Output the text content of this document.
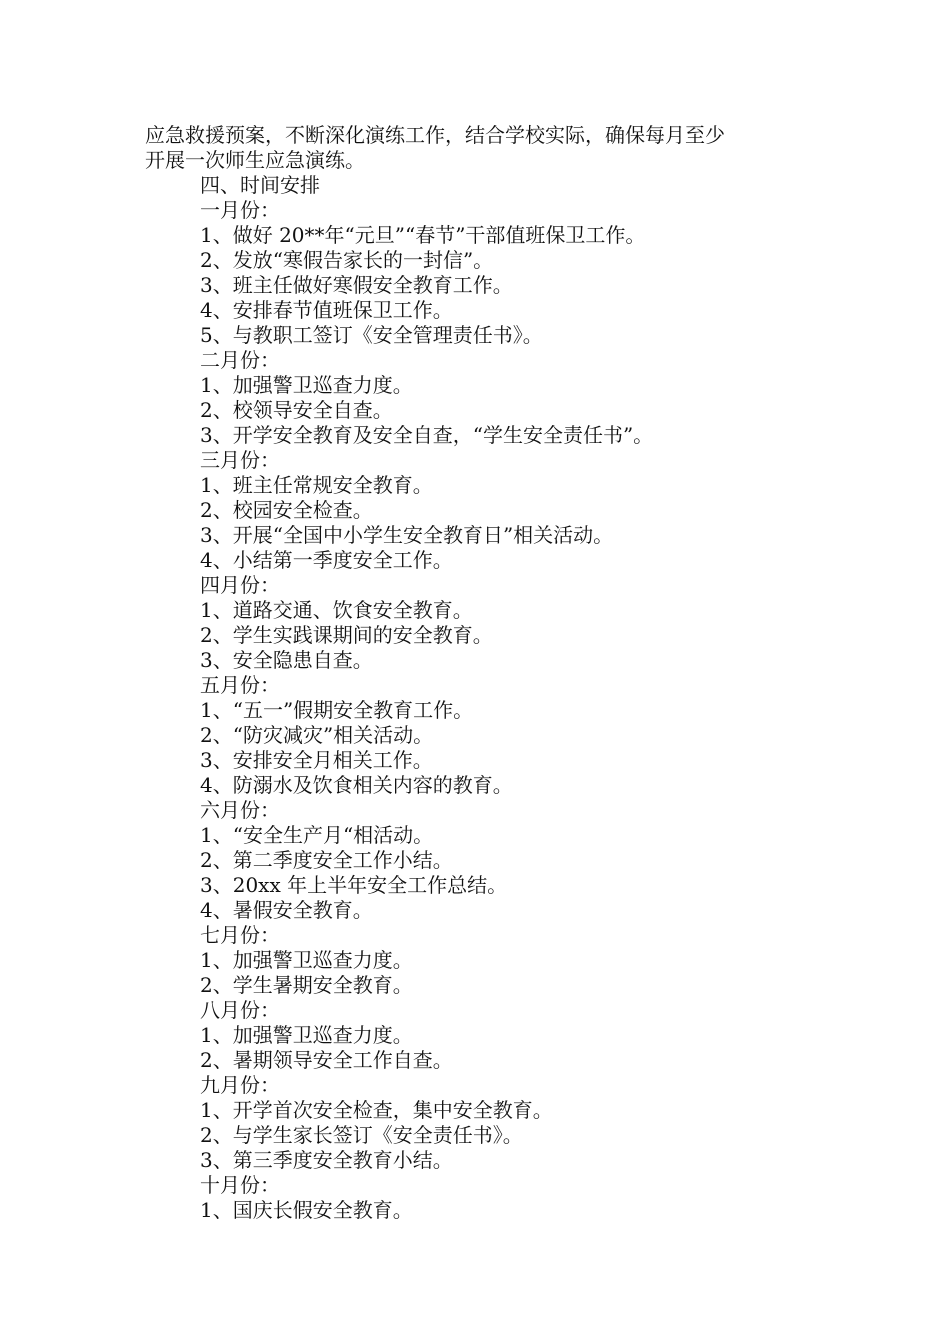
应急救援预案，不断深化演练工作，结合学校实际，确保每月至少

开展一次师生应急演练。

四、时间安排

一月份：

1、做好 20**年“元旦”“春节”干部值班保卫工作。

2、发放“寒假告家长的一封信”。

3、班主任做好寒假安全教育工作。

4、安排春节值班保卫工作。

5、与教职工签订《安全管理责任书》。

二月份：

1、加强警卫巡查力度。

2、校领导安全自查。

3、开学安全教育及安全自查，“学生安全责任书”。

三月份：

1、班主任常规安全教育。

2、校园安全检查。

3、开展“全国中小学生安全教育日”相关活动。

4、小结第一季度安全工作。

四月份：

1、道路交通、饮食安全教育。

2、学生实践课期间的安全教育。

3、安全隐患自查。

五月份：

1、“五一”假期安全教育工作。

2、“防灾减灾”相关活动。

3、安排安全月相关工作。

4、防溺水及饮食相关内容的教育。

六月份：

1、“安全生产月“相活动。

2、第二季度安全工作小结。

3、20xx 年上半年安全工作总结。

4、暑假安全教育。

七月份：

1、加强警卫巡查力度。

2、学生暑期安全教育。

八月份：

1、加强警卫巡查力度。

2、暑期领导安全工作自查。

九月份：

1、开学首次安全检查，集中安全教育。

2、与学生家长签订《安全责任书》。

3、第三季度安全教育小结。

十月份：

1、国庆长假安全教育。
